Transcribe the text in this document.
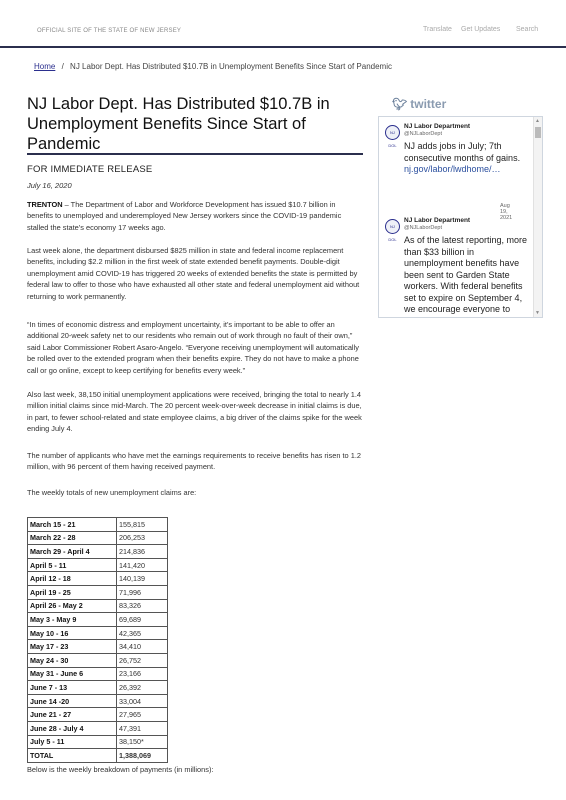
OFFICIAL SITE OF THE STATE OF NEW JERSEY	Translate Get Updates Search
Home / NJ Labor Dept. Has Distributed $10.7B in Unemployment Benefits Since Start of Pandemic
NJ Labor Dept. Has Distributed $10.7B in Unemployment Benefits Since Start of Pandemic
FOR IMMEDIATE RELEASE
July 16, 2020

TRENTON – The Department of Labor and Workforce Development has issued $10.7 billion in benefits to unemployed and underemployed New Jersey workers since the COVID-19 pandemic stalled the state’s economy 17 weeks ago.

Last week alone, the department disbursed $825 million in state and federal income replacement benefits, including $2.2 million in the first week of state extended benefit payments. Double-digit unemployment amid COVID-19 has triggered 20 weeks of extended benefits the state is permitted by federal law to offer to those who have exhausted all other state and federal unemployment aid without returning to work permanently.

“In times of economic distress and employment uncertainty, it’s important to be able to offer an additional 20-week safety net to our residents who remain out of work through no fault of their own,” said Labor Commissioner Robert Asaro-Angelo. “Everyone receiving unemployment will automatically be rolled over to the extended program when their benefits expire. They do not have to make a phone call or go online, except to keep certifying for benefits every week.”

Also last week, 38,150 initial unemployment applications were received, bringing the total to nearly 1.4 million initial claims since mid-March. The 20 percent week-over-week decrease in initial claims is due, in part, to fewer school-related and state employee claims, a big driver of the claims spike for the week ending July 4.

The number of applicants who have met the earnings requirements to receive benefits has risen to 1.2 million, with 96 percent of them having received payment.

The weekly totals of new unemployment claims are:

March 15 - 21	155,815
March 22 - 28	206,253
March 29 - April 4	214,836
April 5 - 11	141,420
April 12 - 18	140,139
April 19 - 25	71,996
April 26 - May 2	83,326
May 3 - May 9	69,689
May 10 - 16	42,365
May 17 - 23	34,410
May 24 - 30	26,752
May 31 - June 6	23,166
June 7 - 13	26,392
June 14 -20	33,004
June 21 - 27	27,965
June 28 - July 4	47,391
July 5 - 11	38,150*
TOTAL	1,388,069
Below is the weekly breakdown of payments (in millions):
🐦︎ twitter
NJ DOL
NJ Labor Department
@NJLaborDept
NJ adds jobs in July; 7th consecutive months of gains. nj.gov/labor/lwdhome/…
Aug 19, 2021
NJ DOL
NJ Labor Department
@NJLaborDept
As of the latest reporting, more than $33 billion in unemployment benefits have been sent to Garden State workers. With federal benefits set to expire on September 4, we encourage everyone to
▲
▼
